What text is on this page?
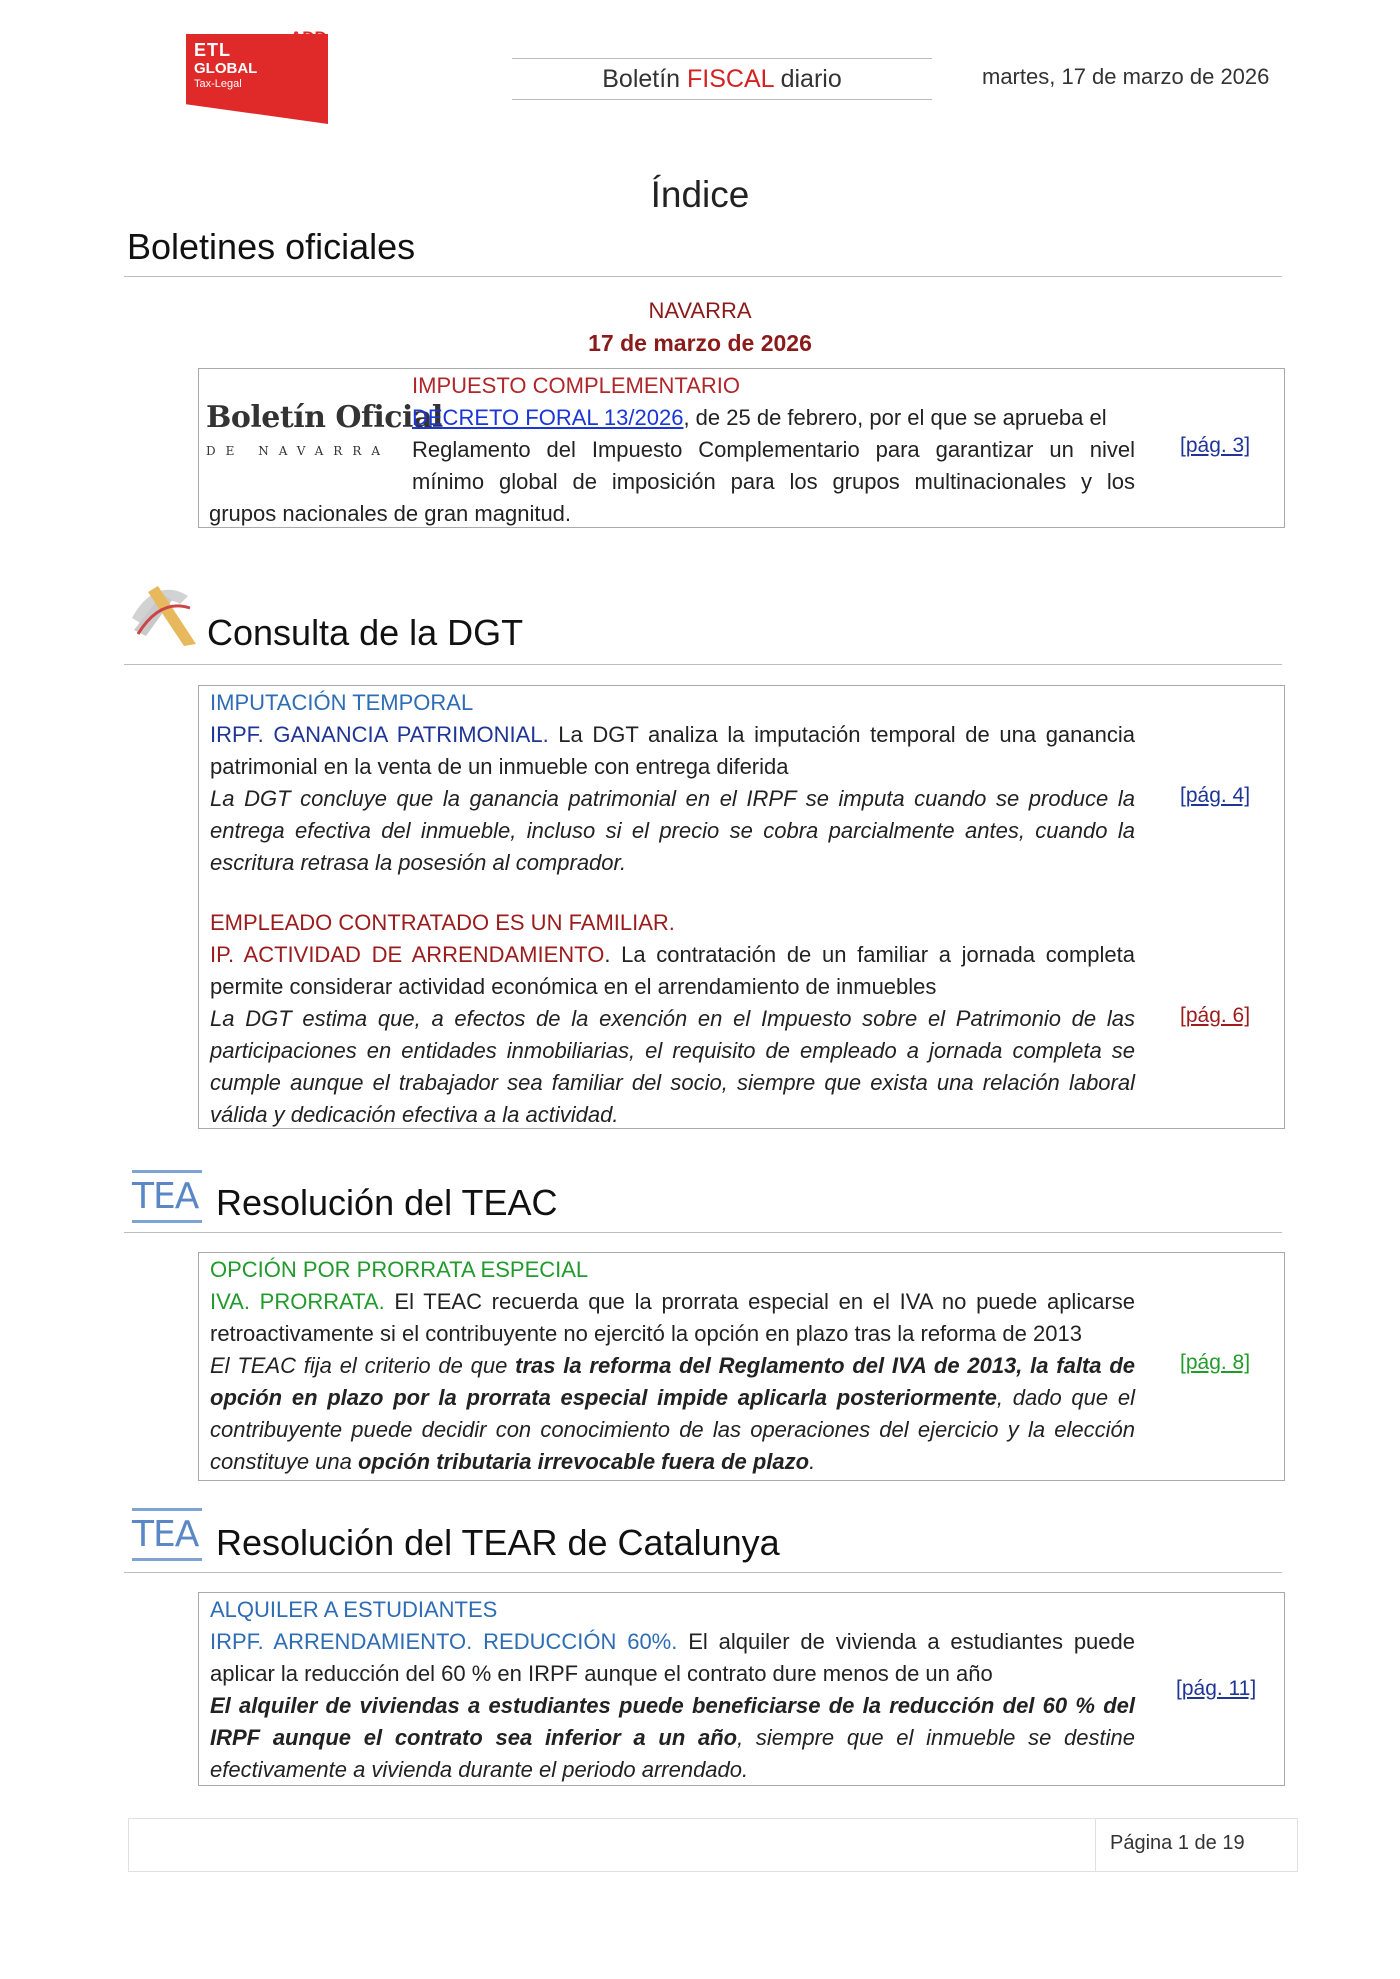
ADD
ETL
GLOBAL
Tax-Legal	Boletín FISCAL diario	martes, 17 de marzo de 2026
Índice
Boletines oficiales
NAVARRA
17 de marzo de 2026
Boletín Oficial
DE NAVARRA
IMPUESTO COMPLEMENTARIO
DECRETO FORAL 13/2026, de 25 de febrero, por el que se aprueba el
Reglamento del Impuesto Complementario para garantizar un nivel
mínimo global de imposición para los grupos multinacionales y los
grupos nacionales de gran magnitud.
[pág. 3]
Consulta de la DGT
IMPUTACIÓN TEMPORAL
IRPF. GANANCIA PATRIMONIAL. La DGT analiza la imputación temporal de una ganancia patrimonial en la venta de un inmueble con entrega diferida
La DGT concluye que la ganancia patrimonial en el IRPF se imputa cuando se produce la entrega efectiva del inmueble, incluso si el precio se cobra parcialmente antes, cuando la escritura retrasa la posesión al comprador.
[pág. 4]
EMPLEADO CONTRATADO ES UN FAMILIAR.
IP. ACTIVIDAD DE ARRENDAMIENTO. La contratación de un familiar a jornada completa permite considerar actividad económica en el arrendamiento de inmuebles
La DGT estima que, a efectos de la exención en el Impuesto sobre el Patrimonio de las participaciones en entidades inmobiliarias, el requisito de empleado a jornada completa se cumple aunque el trabajador sea familiar del socio, siempre que exista una relación laboral válida y dedicación efectiva a la actividad.
[pág. 6]
TEA Resolución del TEAC
OPCIÓN POR PRORRATA ESPECIAL
IVA. PRORRATA. El TEAC recuerda que la prorrata especial en el IVA no puede aplicarse retroactivamente si el contribuyente no ejercitó la opción en plazo tras la reforma de 2013
El TEAC fija el criterio de que tras la reforma del Reglamento del IVA de 2013, la falta de opción en plazo por la prorrata especial impide aplicarla posteriormente, dado que el contribuyente puede decidir con conocimiento de las operaciones del ejercicio y la elección constituye una opción tributaria irrevocable fuera de plazo.
[pág. 8]
TEA Resolución del TEAR de Catalunya
ALQUILER A ESTUDIANTES
IRPF. ARRENDAMIENTO. REDUCCIÓN 60%. El alquiler de vivienda a estudiantes puede aplicar la reducción del 60 % en IRPF aunque el contrato dure menos de un año
El alquiler de viviendas a estudiantes puede beneficiarse de la reducción del 60 % del IRPF aunque el contrato sea inferior a un año, siempre que el inmueble se destine efectivamente a vivienda durante el periodo arrendado.
[pág. 11]
Página 1 de 19
